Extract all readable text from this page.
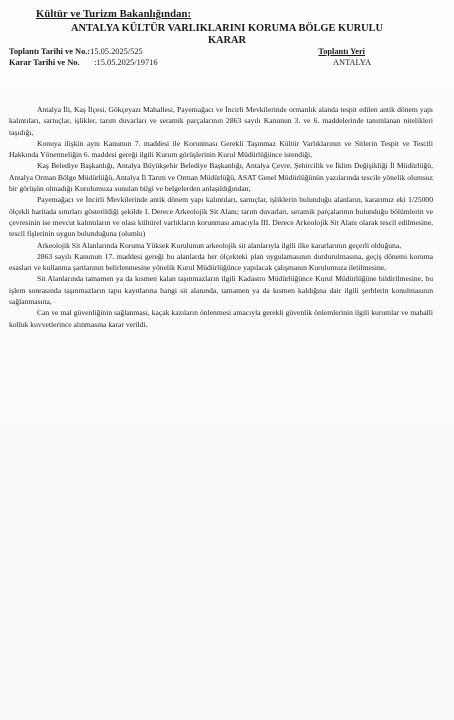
Kültür ve Turizm Bakanlığından:
ANTALYA KÜLTÜR VARLIKLARINI KORUMA BÖLGE KURULU
KARAR
Toplantı Tarihi ve No.:15.05.2025/525
Karar Tarihi ve No. :15.05.2025/19716
Toplantı Yeri
ANTALYA

Antalya İli, Kaş İlçesi, Gökçeyazı Mahallesi, Payemağacı ve İncirli Mevkilerinde ormanlık alanda tespit edilen antik dönem yapı kalıntıları, sarnıçlar, işlikler, tarım duvarları ve seramik parçalarının 2863 sayılı Kanunun 3. ve 6. maddelerinde tanımlanan nitelikleri taşıdığı,

Konuya ilişkin aynı Kanunun 7. maddesi ile Korunması Gerekli Taşınmaz Kültür Varlıklarının ve Sitlerin Tespit ve Tescili Hakkında Yönetmeliğin 6. maddesi gereği ilgili Kurum görüşlerinin Kurul Müdürlüğünce istendiği,

Kaş Belediye Başkanlığı, Antalya Büyükşehir Belediye Başkanlığı, Antalya Çevre, Şehircilik ve İklim Değişikliği İl Müdürlüğü, Antalya Orman Bölge Müdürlüğü, Antalya İl Tarım ve Orman Müdürlüğü, ASAT Genel Müdürlüğünün yazılarında tescile yönelik olumsuz bir görüşün olmadığı Kurulumuza sunulan bilgi ve belgelerden anlaşıldığından,

Payemağacı ve İncirli Mevkilerinde antik dönem yapı kalıntıları, sarnıçlar, işliklerin bulunduğu alanların, kararımız eki 1/25000 ölçekli haritada sınırları gösterildiği şekilde I. Derece Arkeolojik Sit Alanı; tarım duvarları, seramik parçalarının bulunduğu bölümlerin ve çevresinin ise mevcut kalıntıların ve olası kültürel varlıkların korunması amacıyla III. Derece Arkeolojik Sit Alanı olarak tescil edilmesine, tescil fişlerinin uygun bulunduğuna (olumlu)

Arkeolojik Sit Alanlarında Koruma Yüksek Kurulunun arkeolojik sit alanlarıyla ilgili ilke kararlarının geçerli olduğuna,

2863 sayılı Kanunun 17. maddesi gereği bu alanlarda her ölçekteki plan uygulamasının durdurulmasına, geçiş dönemi koruma esasları ve kullanma şartlarının belirlenmesine yönelik Kurul Müdürlüğünce yapılacak çalışmanın Kurulumuza iletilmesine,

Sit Alanlarında tamamen ya da kısmen kalan taşınmazların ilgili Kadastro Müdürlüğünce Kurul Müdürlüğüne bildirilmesine, bu işlem sonrasında taşınmazların tapu kayıtlarına hangi sit alanında, tamamen ya da kısmen kaldığına dair ilgili şerhlerin konulmasının sağlanmasına,

Can ve mal güvenliğinin sağlanması, kaçak kazıların önlenmesi amacıyla gerekli güvenlik önlemlerinin ilgili kurumlar ve mahalli kolluk kuvvetlerince alınmasına karar verildi.
